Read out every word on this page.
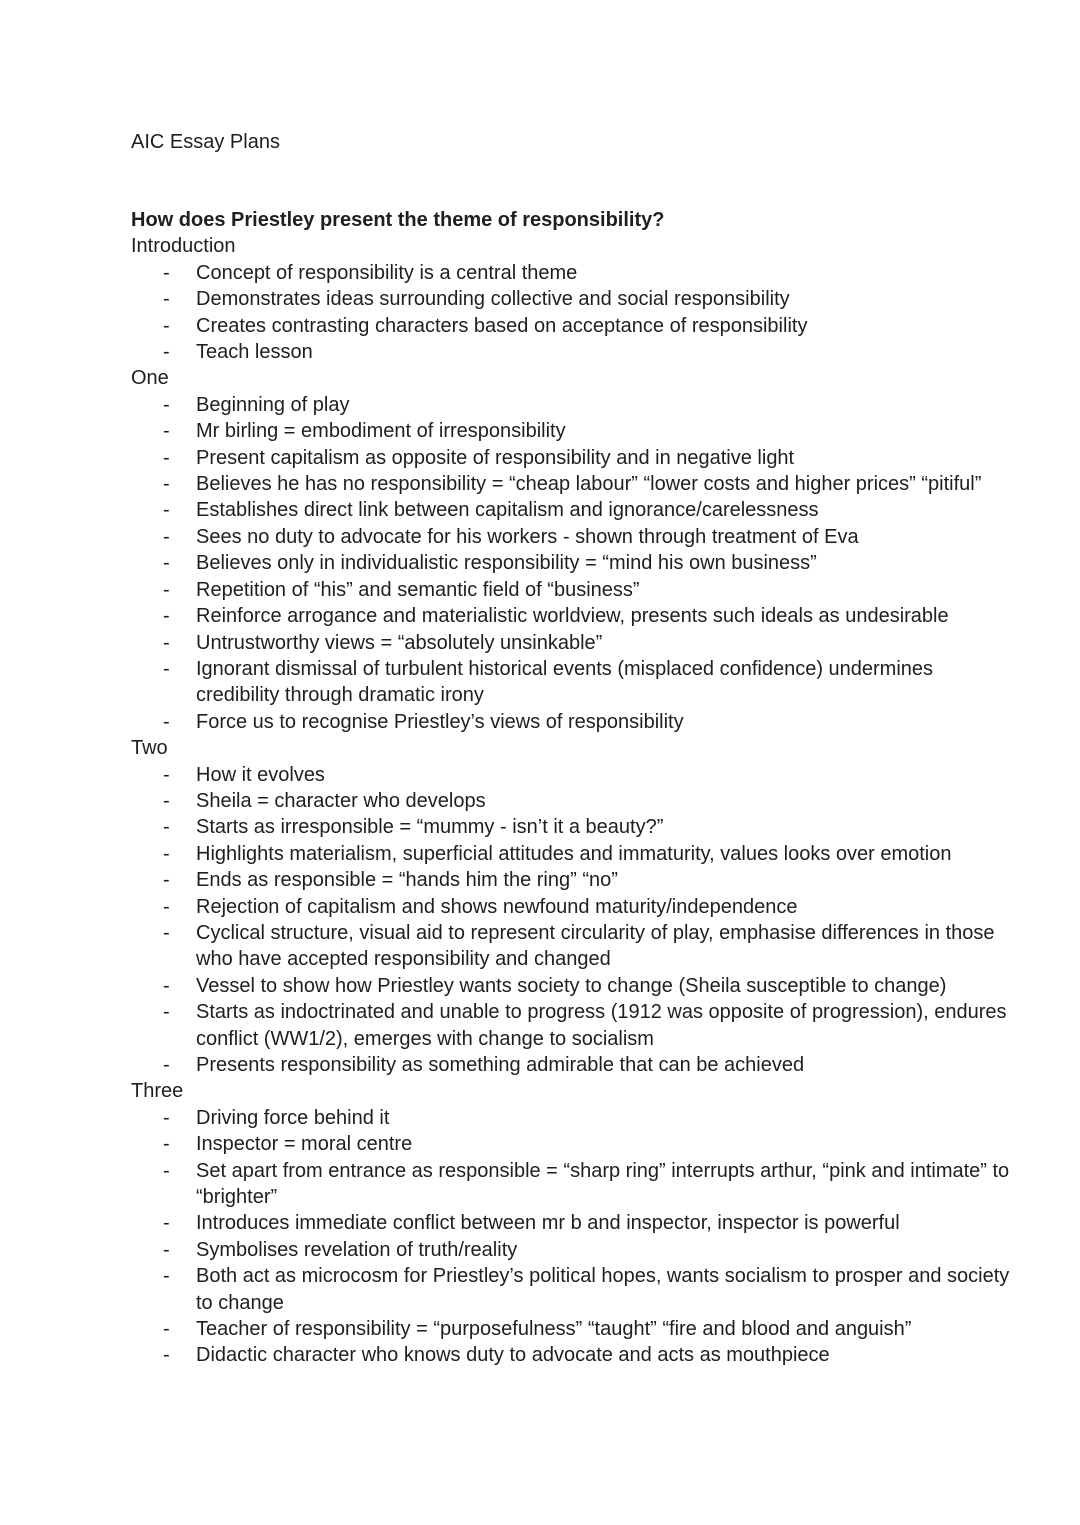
AIC Essay Plans

How does Priestley present the theme of responsibility?
Introduction
- Concept of responsibility is a central theme
- Demonstrates ideas surrounding collective and social responsibility
- Creates contrasting characters based on acceptance of responsibility
- Teach lesson
One
- Beginning of play
- Mr birling = embodiment of irresponsibility
- Present capitalism as opposite of responsibility and in negative light
- Believes he has no responsibility = “cheap labour” “lower costs and higher prices” “pitiful”
- Establishes direct link between capitalism and ignorance/carelessness
- Sees no duty to advocate for his workers - shown through treatment of Eva
- Believes only in individualistic responsibility = “mind his own business”
- Repetition of “his” and semantic field of “business”
- Reinforce arrogance and materialistic worldview, presents such ideals as undesirable
- Untrustworthy views = “absolutely unsinkable”
- Ignorant dismissal of turbulent historical events (misplaced confidence) undermines credibility through dramatic irony
- Force us to recognise Priestley’s views of responsibility
Two
- How it evolves
- Sheila = character who develops
- Starts as irresponsible = “mummy - isn’t it a beauty?”
- Highlights materialism, superficial attitudes and immaturity, values looks over emotion
- Ends as responsible = “hands him the ring” “no”
- Rejection of capitalism and shows newfound maturity/independence
- Cyclical structure, visual aid to represent circularity of play, emphasise differences in those who have accepted responsibility and changed
- Vessel to show how Priestley wants society to change (Sheila susceptible to change)
- Starts as indoctrinated and unable to progress (1912 was opposite of progression), endures conflict (WW1/2), emerges with change to socialism
- Presents responsibility as something admirable that can be achieved
Three
- Driving force behind it
- Inspector = moral centre
- Set apart from entrance as responsible = “sharp ring” interrupts arthur, “pink and intimate” to “brighter”
- Introduces immediate conflict between mr b and inspector, inspector is powerful
- Symbolises revelation of truth/reality
- Both act as microcosm for Priestley’s political hopes, wants socialism to prosper and society to change
- Teacher of responsibility = “purposefulness” “taught” “fire and blood and anguish”
- Didactic character who knows duty to advocate and acts as mouthpiece
